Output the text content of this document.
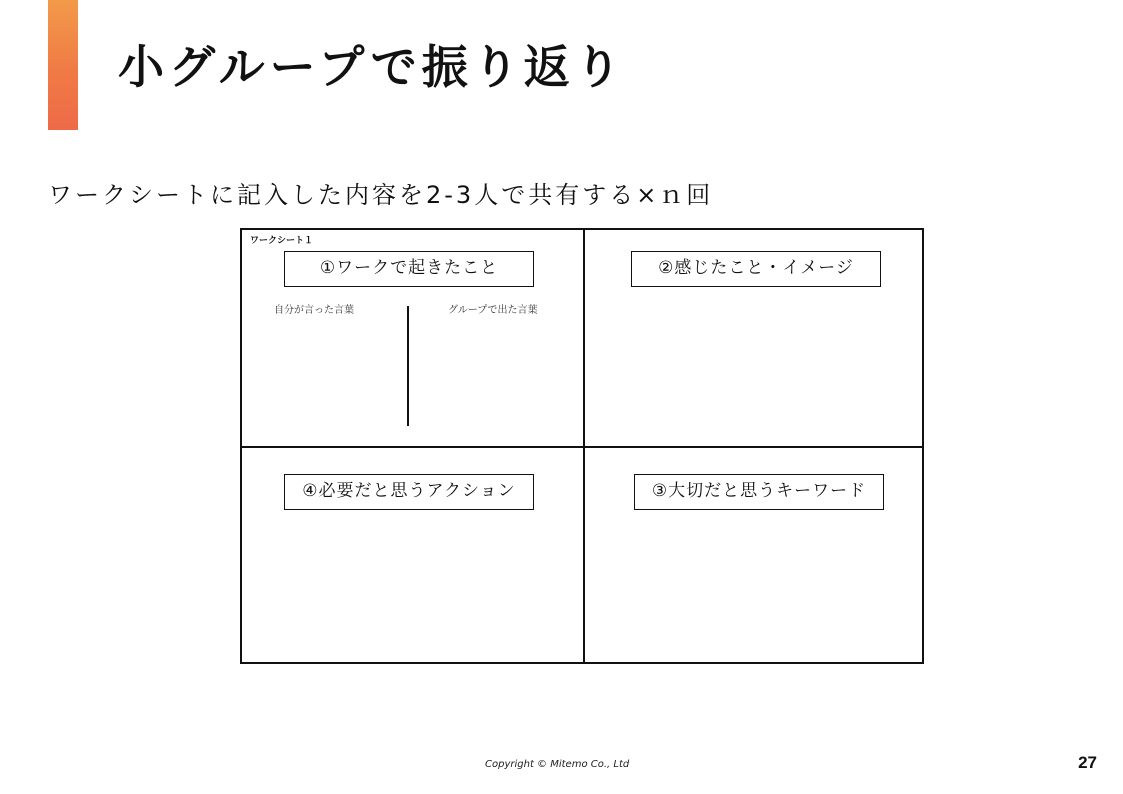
小グループで振り返り
ワークシートに記入した内容を2-3人で共有する×ｎ回
ワークシート１
①ワークで起きたこと
自分が言った言葉	グループで出た言葉
②感じたこと・イメージ
④必要だと思うアクション	③大切だと思うキーワード
Copyright © Mitemo Co., Ltd	27
